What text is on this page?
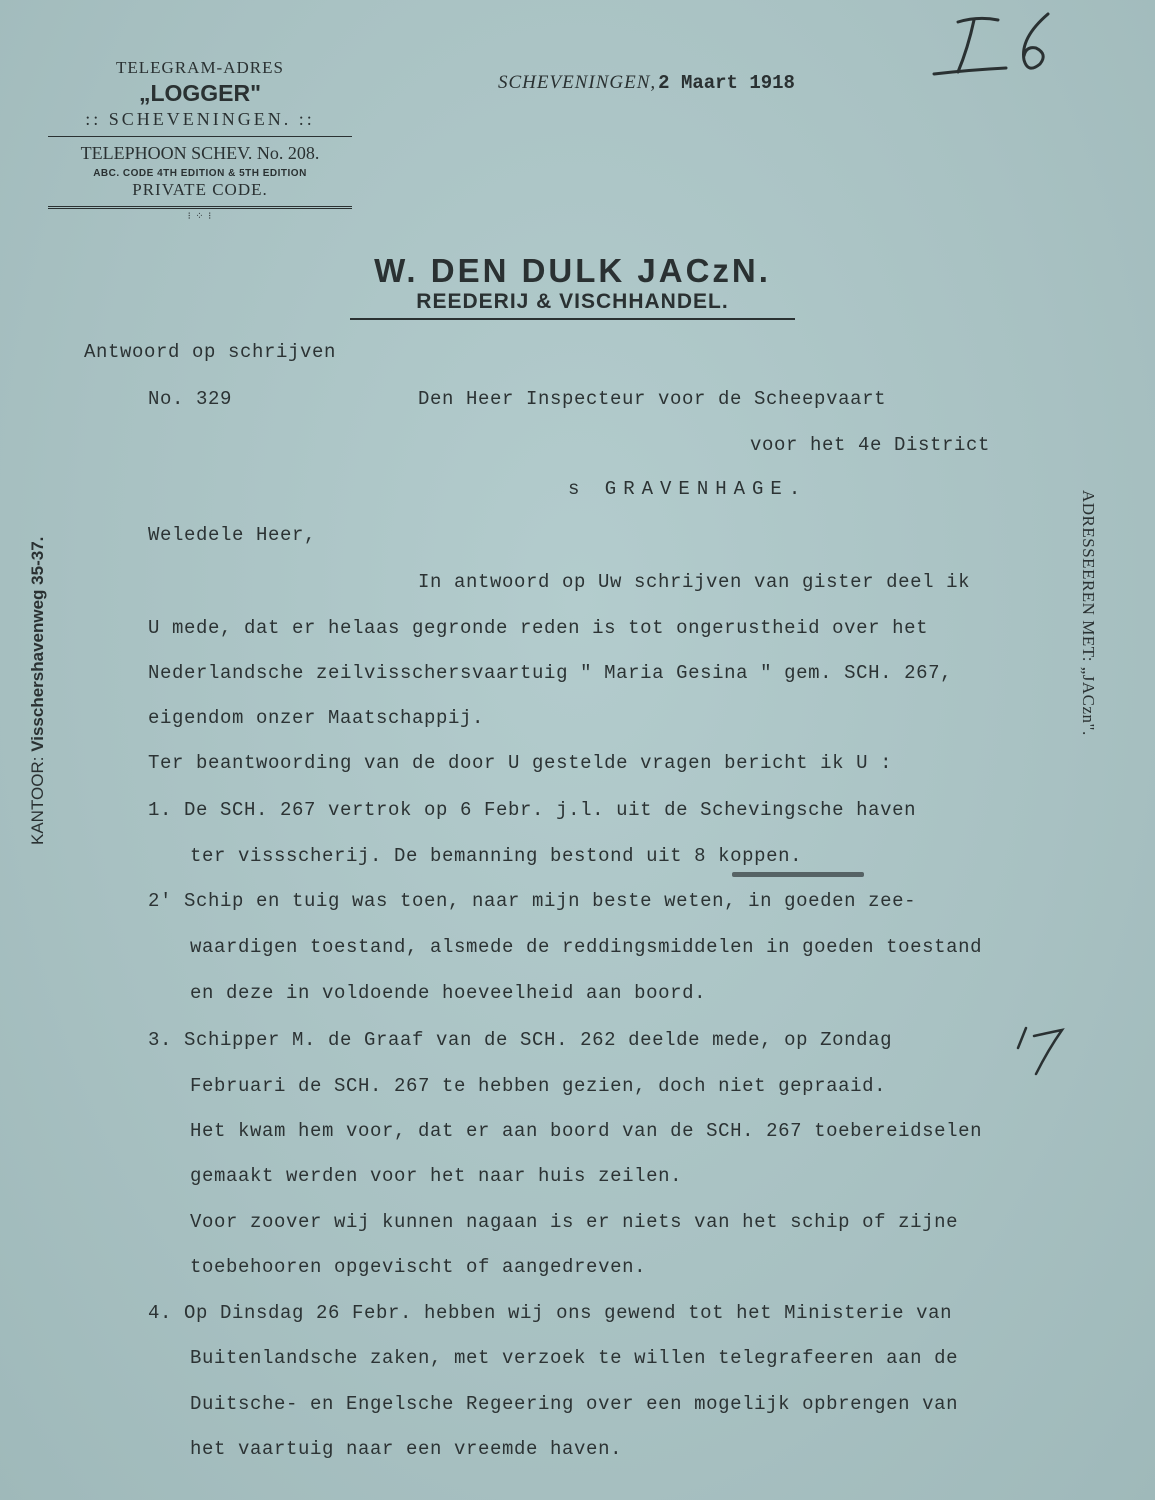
TELEGRAM-ADRES
„LOGGER"
:: SCHEVENINGEN. ::
TELEPHOON SCHEV. No. 208.
ABC. CODE 4TH EDITION & 5TH EDITION
PRIVATE CODE.
⁝ ⁘ ⁝
SCHEVENINGEN, 2 Maart 1918
W. DEN DULK JACzN.
REEDERIJ & VISCHHANDEL.
KANTOOR: Visschershavenweg 35-37.	ADRESSEEREN MET: „JACzn".
Antwoord op schrijven
No. 329	Den Heer Inspecteur voor de Scheepvaart
voor het 4e District
s GRAVENHAGE.
Weledele Heer,
In antwoord op Uw schrijven van gister deel ik
U mede, dat er helaas gegronde reden is tot ongerustheid over het
Nederlandsche zeilvisschersvaartuig " Maria Gesina " gem. SCH. 267,
eigendom onzer Maatschappij.
Ter beantwoording van de door U gestelde vragen bericht ik U :
1. De SCH. 267 vertrok op 6 Febr. j.l. uit de Schevingsche haven
ter vissscherij. De bemanning bestond uit 8 koppen.
2' Schip en tuig was toen, naar mijn beste weten, in goeden zee-
waardigen toestand, alsmede de reddingsmiddelen in goeden toestand
en deze in voldoende hoeveelheid aan boord.
3. Schipper M. de Graaf van de SCH. 262 deelde mede, op Zondag
Februari de SCH. 267 te hebben gezien, doch niet gepraaid.
Het kwam hem voor, dat er aan boord van de SCH. 267 toebereidselen
gemaakt werden voor het naar huis zeilen.
Voor zoover wij kunnen nagaan is er niets van het schip of zijne
toebehooren opgevischt of aangedreven.
4. Op Dinsdag 26 Febr. hebben wij ons gewend tot het Ministerie van
Buitenlandsche zaken, met verzoek te willen telegrafeeren aan de
Duitsche- en Engelsche Regeering over een mogelijk opbrengen van
het vaartuig naar een vreemde haven.
